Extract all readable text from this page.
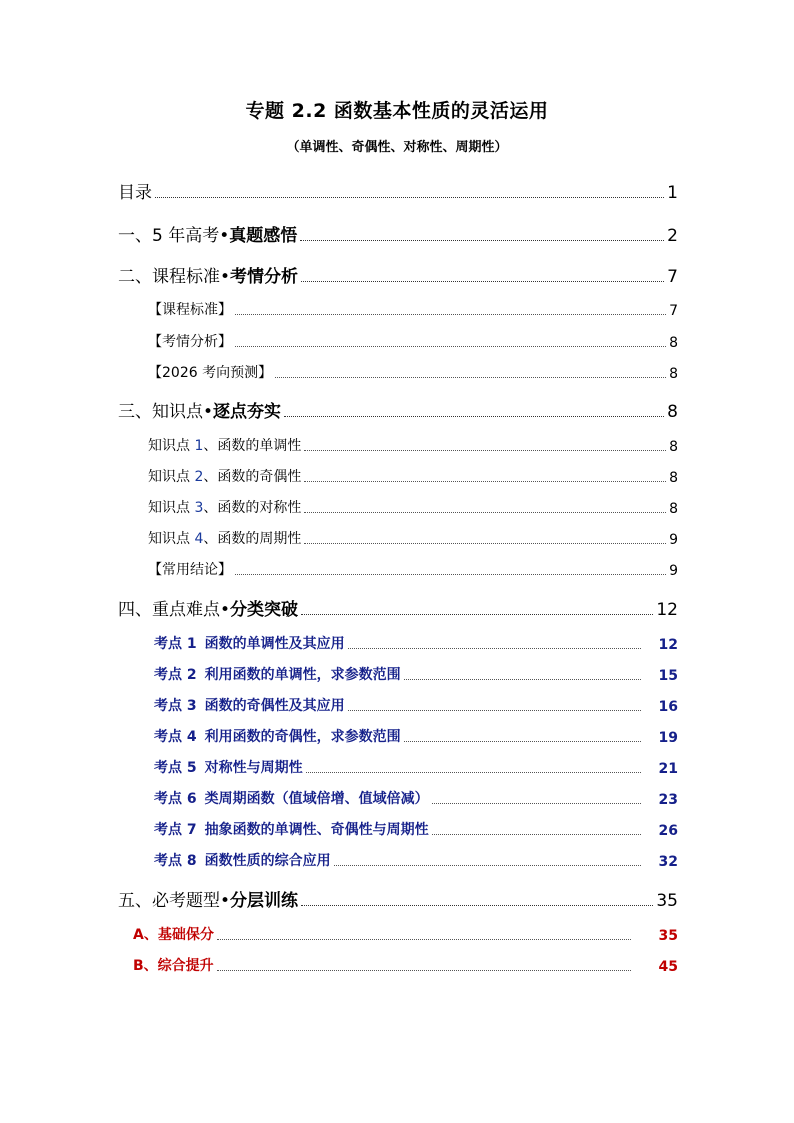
专题 2.2 函数基本性质的灵活运用
（单调性、奇偶性、对称性、周期性）
目录	1
一、5 年高考•真题感悟	2
二、课程标准•考情分析	7
【课程标准】	7
【考情分析】	8
【2026 考向预测】	8
三、知识点•逐点夯实	8
知识点 1、函数的单调性	8
知识点 2、函数的奇偶性	8
知识点 3、函数的对称性	8
知识点 4、函数的周期性	9
【常用结论】	9
四、重点难点•分类突破	12
考点 1 函数的单调性及其应用	12
考点 2 利用函数的单调性，求参数范围	15
考点 3 函数的奇偶性及其应用	16
考点 4 利用函数的奇偶性，求参数范围	19
考点 5 对称性与周期性	21
考点 6 类周期函数（值域倍增、值域倍减）	23
考点 7 抽象函数的单调性、奇偶性与周期性	26
考点 8 函数性质的综合应用	32
五、必考题型•分层训练	35
A、基础保分	35
B、综合提升	45
